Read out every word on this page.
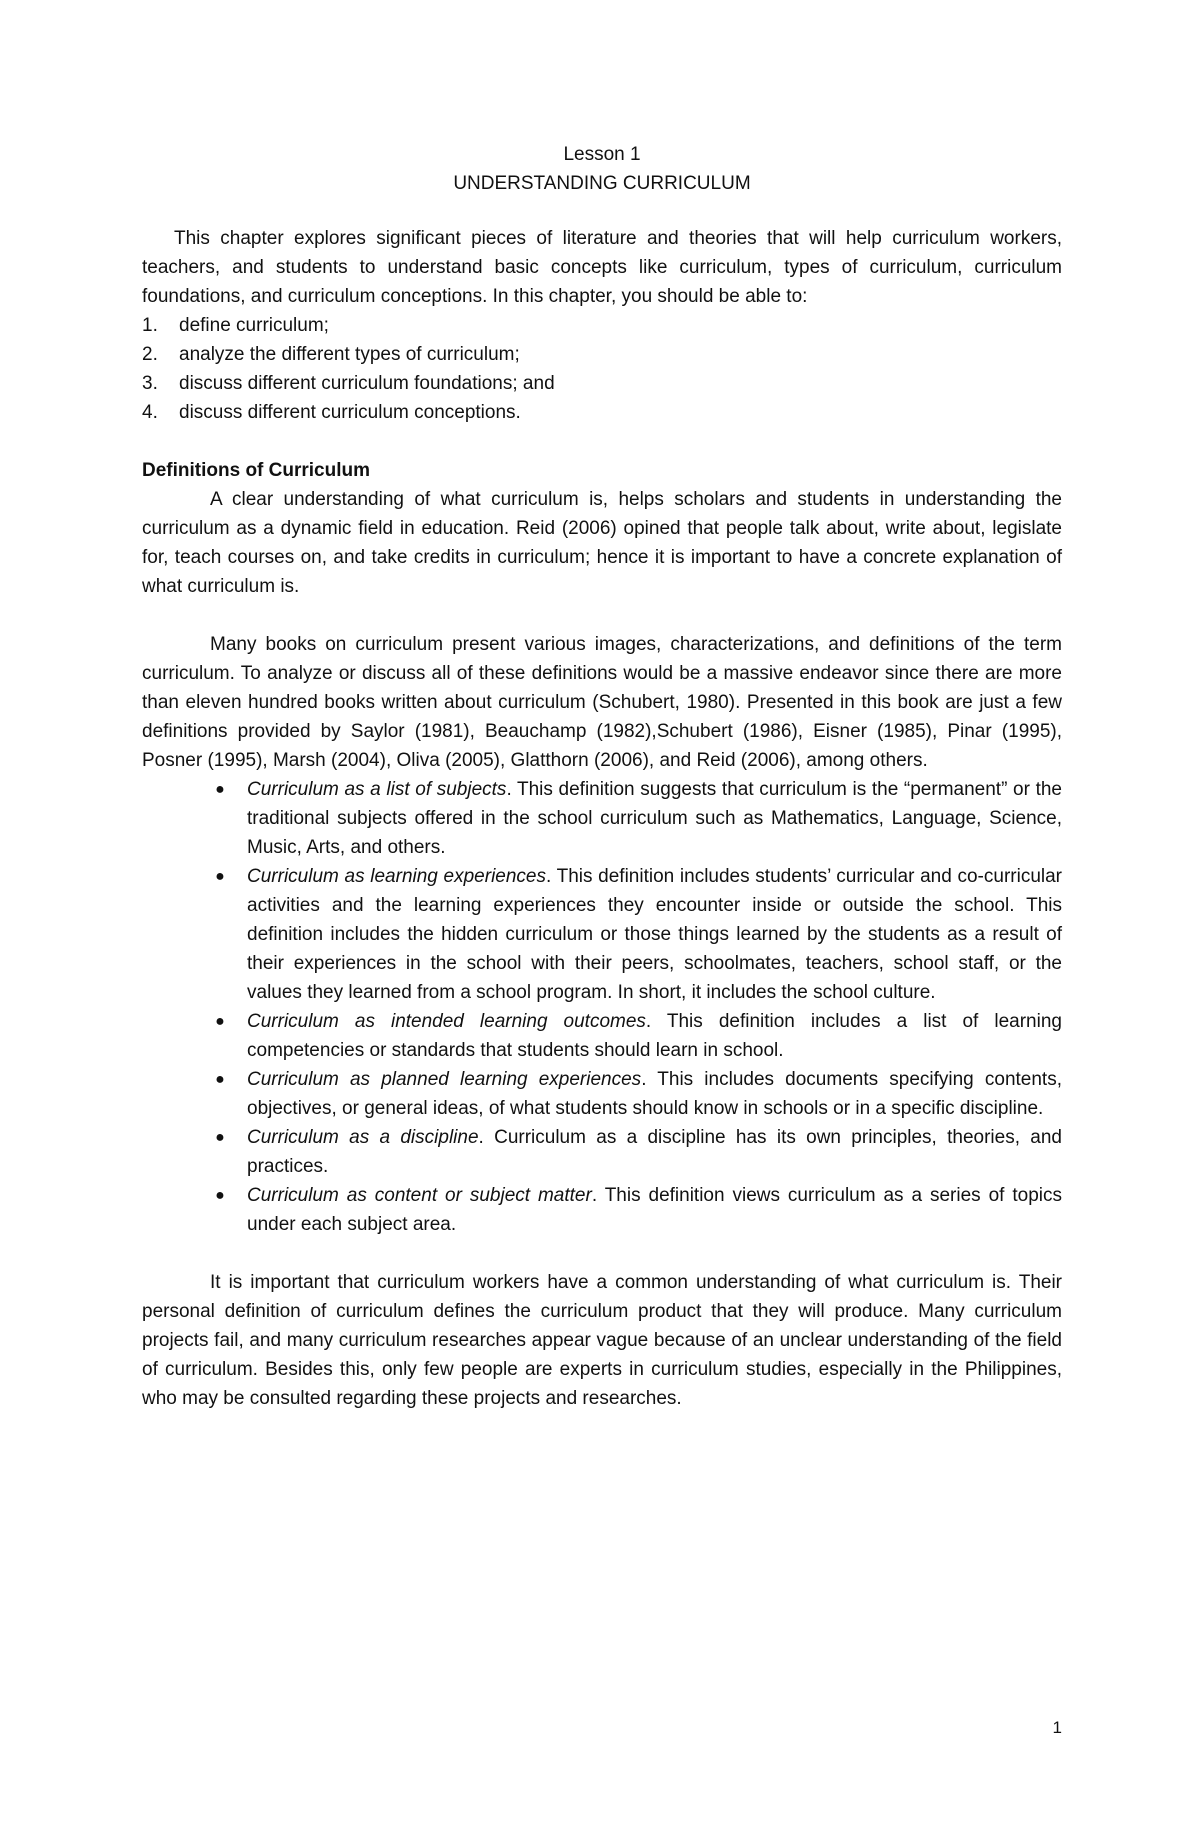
Lesson 1
UNDERSTANDING CURRICULUM

This chapter explores significant pieces of literature and theories that will help curriculum workers, teachers, and students to understand basic concepts like curriculum, types of curriculum, curriculum foundations, and curriculum conceptions. In this chapter, you should be able to:

1.	define curriculum;
2.	analyze the different types of curriculum;
3.	discuss different curriculum foundations; and
4.	discuss different curriculum conceptions.
Definitions of Curriculum

A clear understanding of what curriculum is, helps scholars and students in understanding the curriculum as a dynamic field in education. Reid (2006) opined that people talk about, write about, legislate for, teach courses on, and take credits in curriculum; hence it is important to have a concrete explanation of what curriculum is.

Many books on curriculum present various images, characterizations, and definitions of the term curriculum. To analyze or discuss all of these definitions would be a massive endeavor since there are more than eleven hundred books written about curriculum (Schubert, 1980). Presented in this book are just a few definitions provided by Saylor (1981), Beauchamp (1982),Schubert (1986), Eisner (1985), Pinar (1995), Posner (1995), Marsh (2004), Oliva (2005), Glatthorn (2006), and Reid (2006), among others.

● Curriculum as a list of subjects. This definition suggests that curriculum is the “permanent” or the traditional subjects offered in the school curriculum such as Mathematics, Language, Science, Music, Arts, and others.
● Curriculum as learning experiences. This definition includes students’ curricular and co-curricular activities and the learning experiences they encounter inside or outside the school. This definition includes the hidden curriculum or those things learned by the students as a result of their experiences in the school with their peers, schoolmates, teachers, school staff, or the values they learned from a school program. In short, it includes the school culture.
● Curriculum as intended learning outcomes. This definition includes a list of learning competencies or standards that students should learn in school.
● Curriculum as planned learning experiences. This includes documents specifying contents, objectives, or general ideas, of what students should know in schools or in a specific discipline.
● Curriculum as a discipline. Curriculum as a discipline has its own principles, theories, and practices.
● Curriculum as content or subject matter. This definition views curriculum as a series of topics under each subject area.

It is important that curriculum workers have a common understanding of what curriculum is. Their personal definition of curriculum defines the curriculum product that they will produce. Many curriculum projects fail, and many curriculum researches appear vague because of an unclear understanding of the field of curriculum. Besides this, only few people are experts in curriculum studies, especially in the Philippines, who may be consulted regarding these projects and researches.

1
